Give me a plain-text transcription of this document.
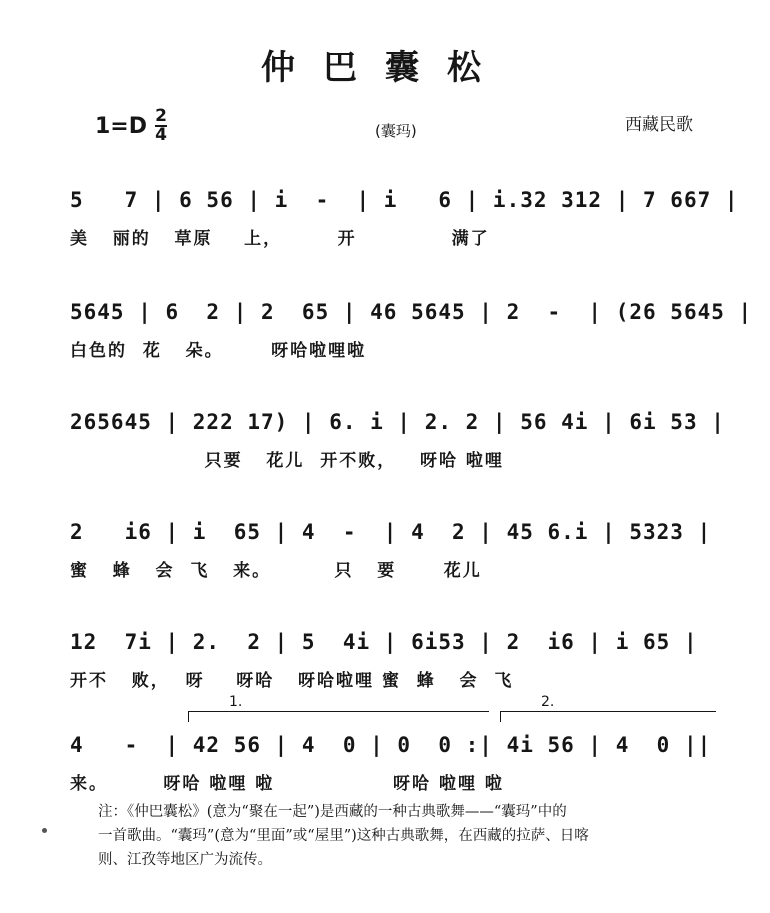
仲巴囊松
1=D 2
4	(囊玛)	西藏民歌
5   7 | 6 56 | i  -  | i   6 | i.32 312 | 7 667 |
美   丽的   草原    上，       开            满了
5645 | 6  2 | 2  65 | 46 5645 | 2  -  | (26 5645 |
白色的  花   朵。      呀哈啦哩啦
265645 | 222 17) | 6. i | 2. 2 | 56 4i | 6i 53 |
只要   花儿  开不败，   呀哈 啦哩
2   i6 | i  65 | 4  -  | 4  2 | 45 6.i | 5323 |
蜜   蜂   会  飞   来。        只   要      花儿
12  7i | 2.  2 | 5  4i | 6i53 | 2  i6 | i 65 |
开不   败，  呀    呀哈   呀哈啦哩 蜜  蜂   会  飞
1.	2.
4   -  | 42 56 | 4  0 | 0  0 :| 4i 56 | 4  0 ||
来。       呀哈 啦哩 啦               呀哈 啦哩 啦
注：《仲巴囊松》(意为“聚在一起”)是西藏的一种古典歌舞——“囊玛”中的
一首歌曲。“囊玛”(意为“里面”或“屋里”)这种古典歌舞，在西藏的拉萨、日喀
则、江孜等地区广为流传。
